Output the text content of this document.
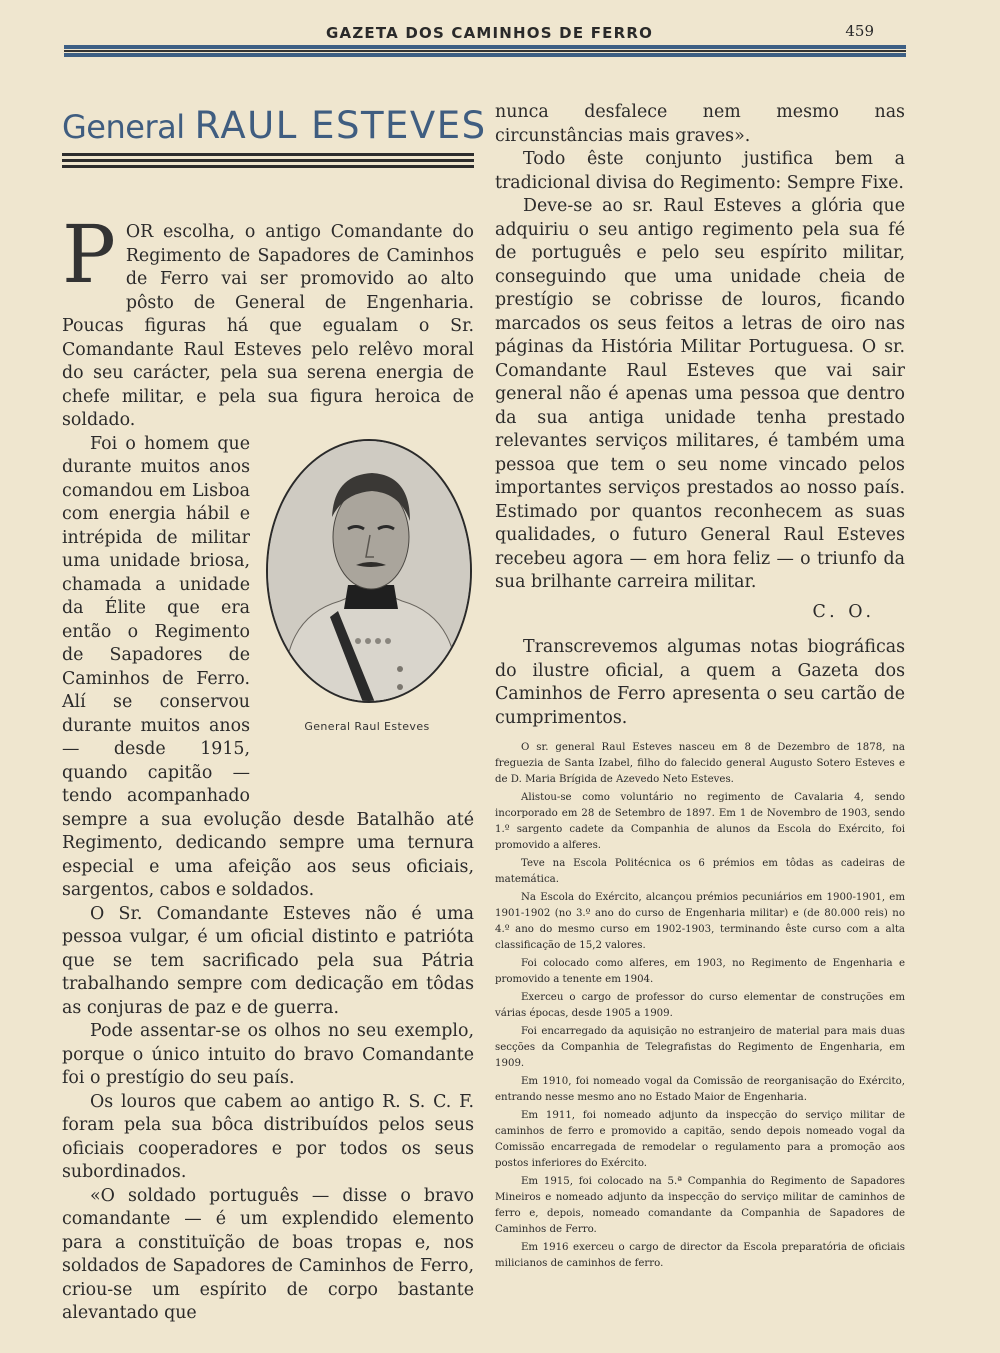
GAZETA DOS CAMINHOS DE FERRO	459
General RAUL ESTEVES

POR escolha, o antigo Comandante do Regimento de Sapadores de Caminhos de Ferro vai ser promovido ao alto pôsto de General de Engenharia. Poucas figuras há que egualam o Sr. Comandante Raul Esteves pelo relêvo moral do seu carácter, pela sua serena energia de chefe militar, e pela sua figura heroica de soldado.

General Raul Esteves

Foi o homem que durante muitos anos comandou em Lisboa com energia hábil e intrépida de militar uma unidade briosa, chamada a unidade da Élite que era então o Regimento de Sapadores de Caminhos de Ferro. Alí se conservou durante muitos anos — desde 1915, quando capitão — tendo acompanhado sempre a sua evolução desde Batalhão até Regimento, dedicando sempre uma ternura especial e uma afeição aos seus oficiais, sargentos, cabos e soldados.

O Sr. Comandante Esteves não é uma pessoa vulgar, é um oficial distinto e patrióta que se tem sacrificado pela sua Pátria trabalhando sempre com dedicação em tôdas as conjuras de paz e de guerra.

Pode assentar-se os olhos no seu exemplo, porque o único intuito do bravo Comandante foi o prestígio do seu país.

Os louros que cabem ao antigo R. S. C. F. foram pela sua bôca distribuídos pelos seus oficiais cooperadores e por todos os seus subordinados.

«O soldado português — disse o bravo comandante — é um explendido elemento para a constituïção de boas tropas e, nos soldados de Sapadores de Caminhos de Ferro, criou-se um espírito de corpo bastante alevantado que

nunca desfalece nem mesmo nas circunstâncias mais graves».

Todo êste conjunto justifica bem a tradicional divisa do Regimento: Sempre Fixe.

Deve-se ao sr. Raul Esteves a glória que adquiriu o seu antigo regimento pela sua fé de português e pelo seu espírito militar, conseguindo que uma unidade cheia de prestígio se cobrisse de louros, ficando marcados os seus feitos a letras de oiro nas páginas da História Militar Portuguesa. O sr. Comandante Raul Esteves que vai sair general não é apenas uma pessoa que dentro da sua antiga unidade tenha prestado relevantes serviços militares, é também uma pessoa que tem o seu nome vincado pelos importantes serviços prestados ao nosso país. Estimado por quantos reconhecem as suas qualidades, o futuro General Raul Esteves recebeu agora — em hora feliz — o triunfo da sua brilhante carreira militar.

C. O.

Transcrevemos algumas notas biográficas do ilustre oficial, a quem a Gazeta dos Caminhos de Ferro apresenta o seu cartão de cumprimentos.

O sr. general Raul Esteves nasceu em 8 de Dezembro de 1878, na freguezia de Santa Izabel, filho do falecido general Augusto Sotero Esteves e de D. Maria Brígida de Azevedo Neto Esteves.

Alistou-se como voluntário no regimento de Cavalaria 4, sendo incorporado em 28 de Setembro de 1897. Em 1 de Novembro de 1903, sendo 1.º sargento cadete da Companhia de alunos da Escola do Exército, foi promovido a alferes.

Teve na Escola Politécnica os 6 prémios em tôdas as cadeiras de matemática.

Na Escola do Exército, alcançou prémios pecuniários em 1900-1901, em 1901-1902 (no 3.º ano do curso de Engenharia militar) e (de 80.000 reis) no 4.º ano do mesmo curso em 1902-1903, terminando êste curso com a alta classificação de 15,2 valores.

Foi colocado como alferes, em 1903, no Regimento de Engenharia e promovido a tenente em 1904.

Exerceu o cargo de professor do curso elementar de construções em várias épocas, desde 1905 a 1909.

Foi encarregado da aquisição no estranjeiro de material para mais duas secções da Companhia de Telegrafistas do Regimento de Engenharia, em 1909.

Em 1910, foi nomeado vogal da Comissão de reorganisação do Exército, entrando nesse mesmo ano no Estado Maior de Engenharia.

Em 1911, foi nomeado adjunto da inspecção do serviço militar de caminhos de ferro e promovido a capitão, sendo depois nomeado vogal da Comissão encarregada de remodelar o regulamento para a promoção aos postos inferiores do Exército.

Em 1915, foi colocado na 5.ª Companhia do Regimento de Sapadores Mineiros e nomeado adjunto da inspecção do serviço militar de caminhos de ferro e, depois, nomeado comandante da Companhia de Sapadores de Caminhos de Ferro.

Em 1916 exerceu o cargo de director da Escola preparatória de oficiais milicianos de caminhos de ferro.
